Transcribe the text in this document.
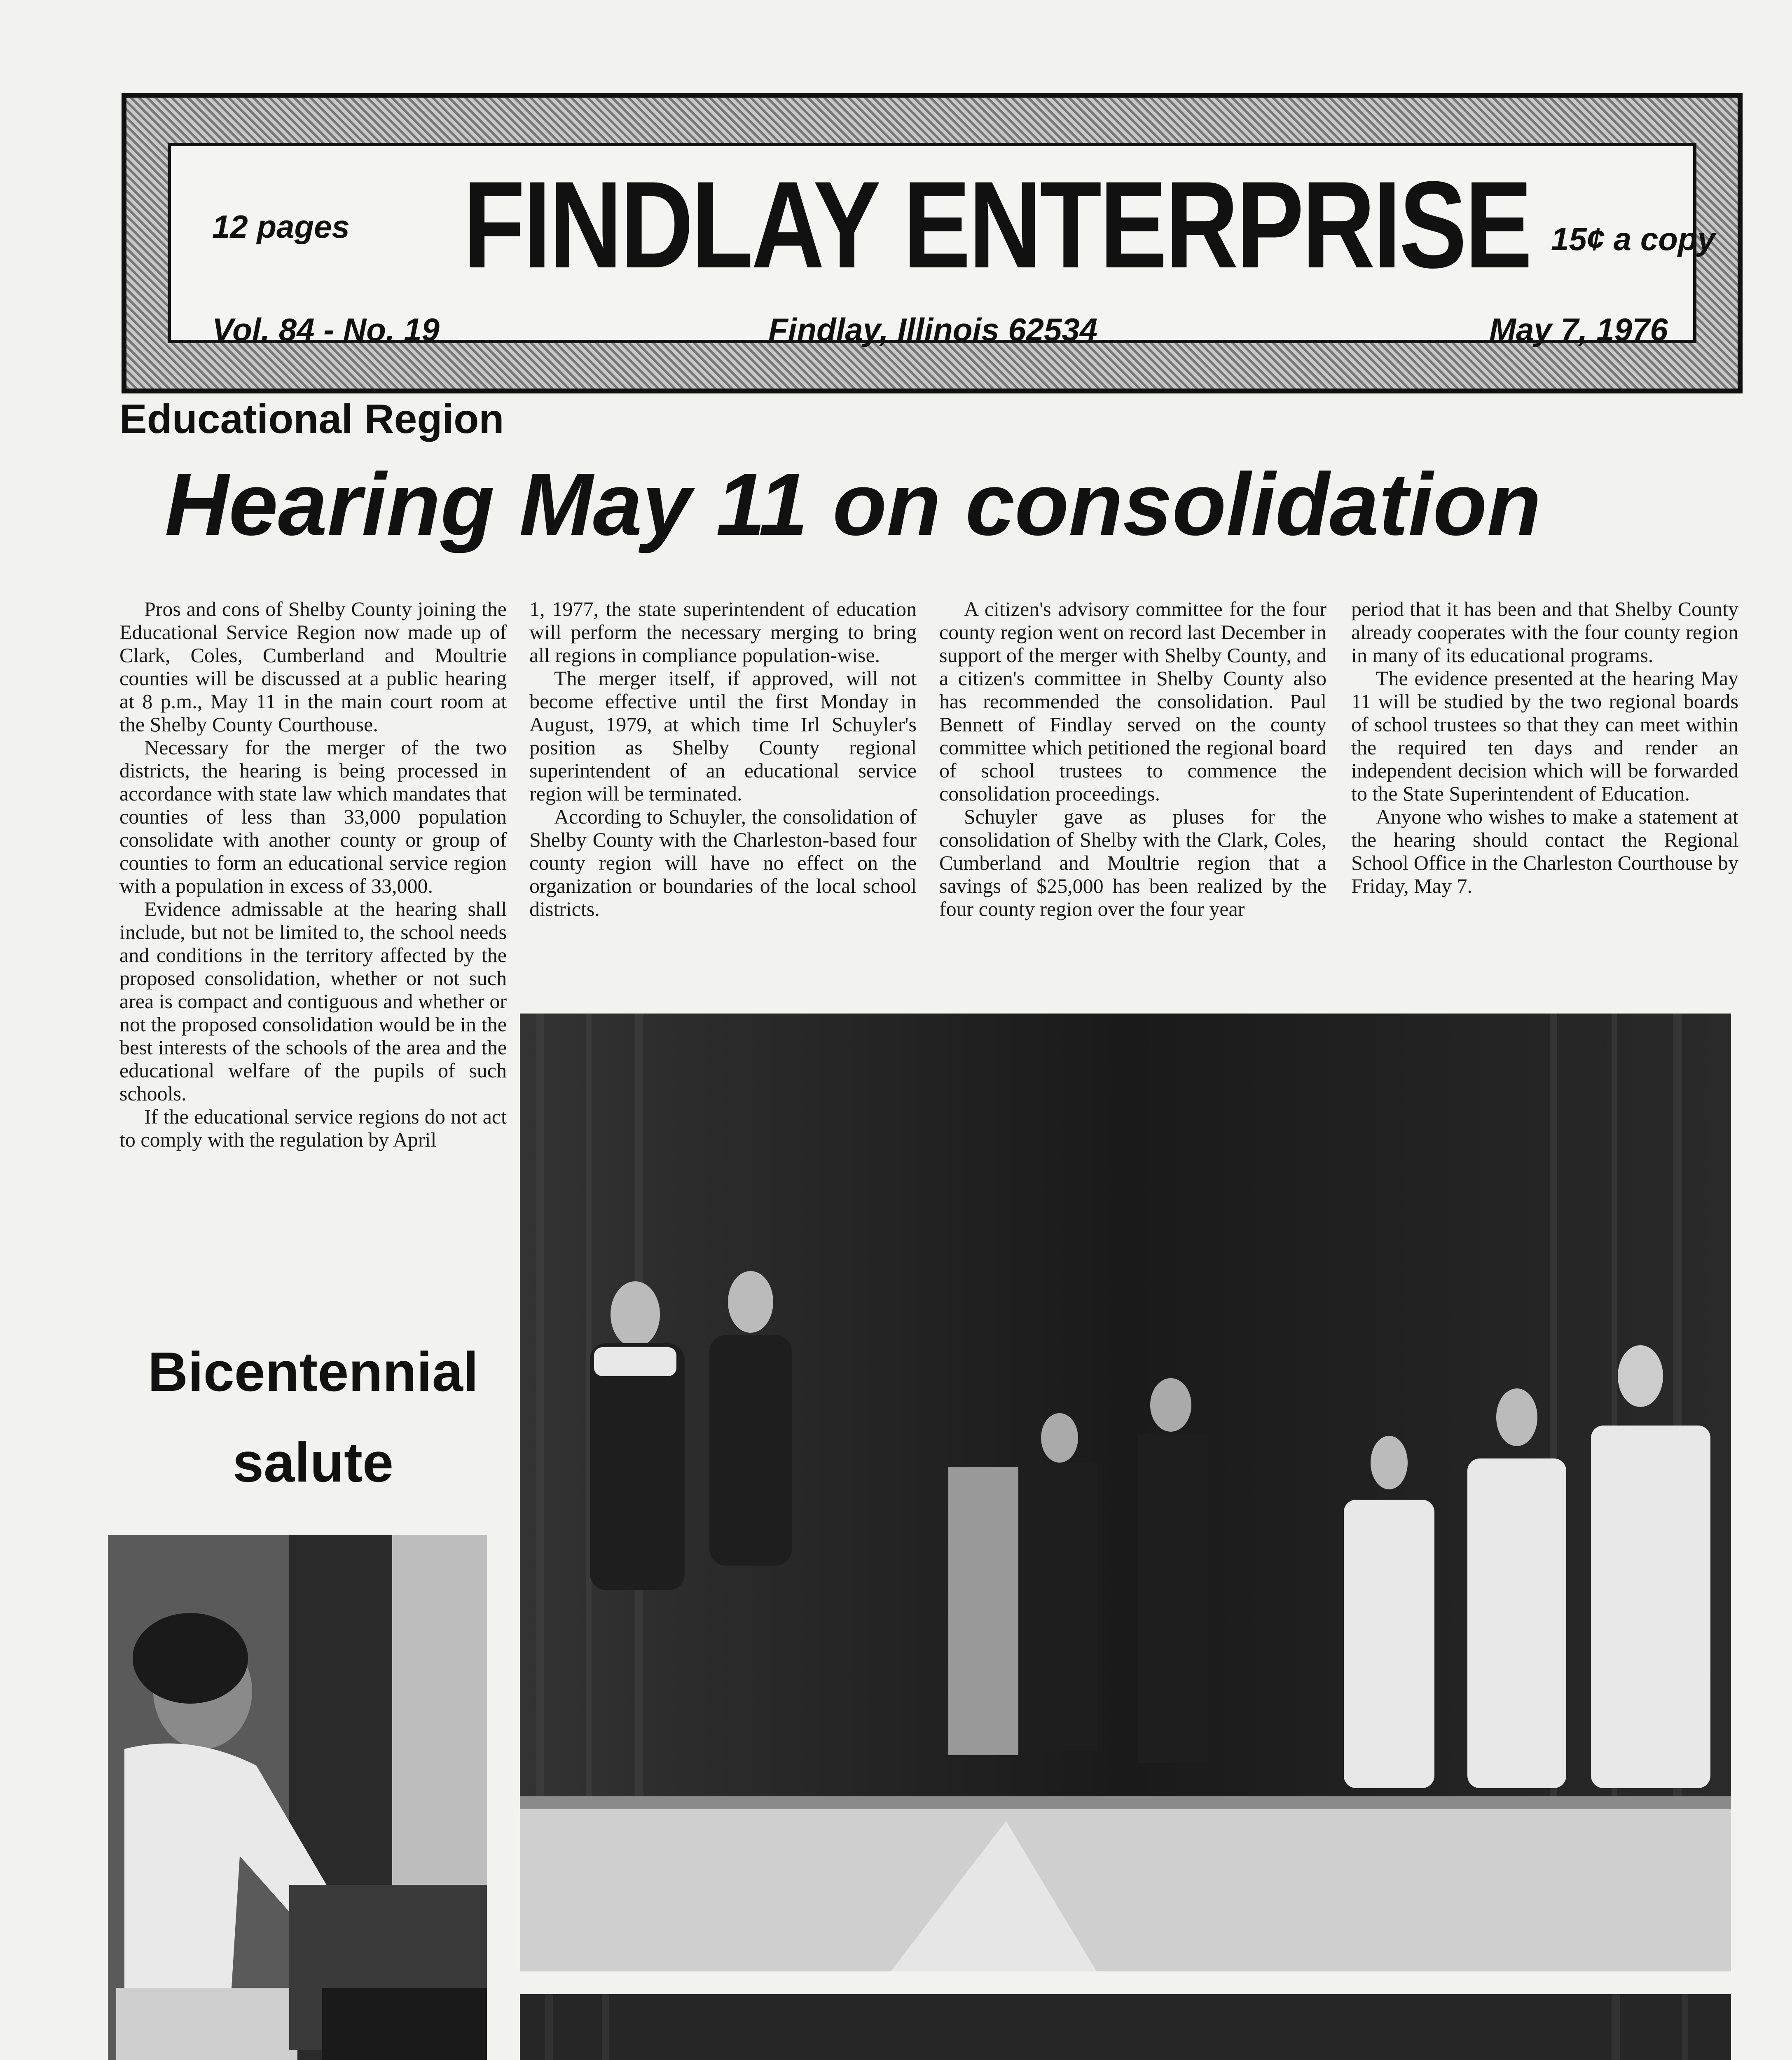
12 pages FINDLAY ENTERPRISE 15¢ a copy
Vol. 84 - No. 19	Findlay, Illinois 62534	May 7, 1976
Educational Region
Hearing May 11 on consolidation

Pros and cons of Shelby County joining the Educational Service Region now made up of Clark, Coles, Cumberland and Moultrie counties will be discussed at a public hearing at 8 p.m., May 11 in the main court room at the Shelby County Courthouse.

Necessary for the merger of the two districts, the hearing is being processed in accordance with state law which mandates that counties of less than 33,000 population consolidate with another county or group of counties to form an educational service region with a population in excess of 33,000.

Evidence admissable at the hearing shall include, but not be limited to, the school needs and conditions in the territory affected by the proposed consolidation, whether or not such area is compact and contiguous and whether or not the proposed consolidation would be in the best interests of the schools of the area and the educational welfare of the pupils of such schools.

If the educational service regions do not act to comply with the regulation by April

1, 1977, the state superintendent of education will perform the necessary merging to bring all regions in compliance population-wise.

The merger itself, if approved, will not become effective until the first Monday in August, 1979, at which time Irl Schuyler's position as Shelby County regional superintendent of an educational service region will be terminated.

According to Schuyler, the consolidation of Shelby County with the Charleston-based four county region will have no effect on the organization or boundaries of the local school districts.

A citizen's advisory committee for the four county region went on record last December in support of the merger with Shelby County, and a citizen's committee in Shelby County also has recommended the consolidation. Paul Bennett of Findlay served on the county committee which petitioned the regional board of school trustees to commence the consolidation proceedings.

Schuyler gave as pluses for the consolidation of Shelby with the Clark, Coles, Cumberland and Moultrie region that a savings of $25,000 has been realized by the four county region over the four year

period that it has been and that Shelby County already cooperates with the four county region in many of its educational programs.

The evidence presented at the hearing May 11 will be studied by the two regional boards of school trustees so that they can meet within the required ten days and render an independent decision which will be forwarded to the State Superintendent of Education.

Anyone who wishes to make a statement at the hearing should contact the Regional School Office in the Charleston Courthouse by Friday, May 7.

Bicentennial
salute
